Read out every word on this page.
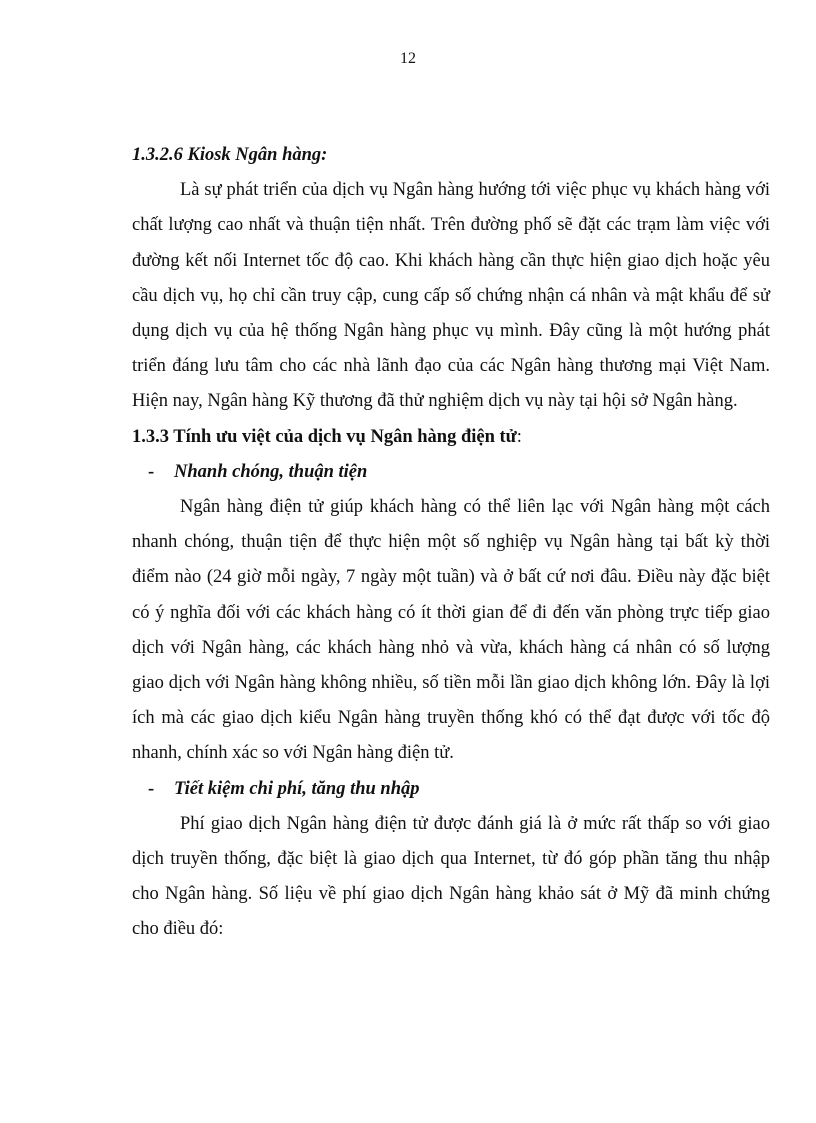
12

1.3.2.6 Kiosk Ngân hàng:

Là sự phát triển của dịch vụ Ngân hàng hướng tới việc phục vụ khách hàng với chất lượng cao nhất và thuận tiện nhất. Trên đường phố sẽ đặt các trạm làm việc với đường kết nối Internet tốc độ cao. Khi khách hàng cần thực hiện giao dịch hoặc yêu cầu dịch vụ, họ chỉ cần truy cập, cung cấp số chứng nhận cá nhân và mật khẩu để sử dụng dịch vụ của hệ thống Ngân hàng phục vụ mình. Đây cũng là một hướng phát triển đáng lưu tâm cho các nhà lãnh đạo của các Ngân hàng thương mại Việt Nam. Hiện nay, Ngân hàng Kỹ thương đã thử nghiệm dịch vụ này tại hội sở Ngân hàng.

1.3.3 Tính ưu việt của dịch vụ Ngân hàng điện tử:

- Nhanh chóng, thuận tiện

Ngân hàng điện tử giúp khách hàng có thể liên lạc với Ngân hàng một cách nhanh chóng, thuận tiện để thực hiện một số nghiệp vụ Ngân hàng tại bất kỳ thời điểm nào (24 giờ mỗi ngày, 7 ngày một tuần) và ở bất cứ nơi đâu. Điều này đặc biệt có ý nghĩa đối với các khách hàng có ít thời gian để đi đến văn phòng trực tiếp giao dịch với Ngân hàng, các khách hàng nhỏ và vừa, khách hàng cá nhân có số lượng giao dịch với Ngân hàng không nhiều, số tiền mỗi lần giao dịch không lớn. Đây là lợi ích mà các giao dịch kiểu Ngân hàng truyền thống khó có thể đạt được với tốc độ nhanh, chính xác so với Ngân hàng điện tử.

- Tiết kiệm chi phí, tăng thu nhập

Phí giao dịch Ngân hàng điện tử được đánh giá là ở mức rất thấp so với giao dịch truyền thống, đặc biệt là giao dịch qua Internet, từ đó góp phần tăng thu nhập cho Ngân hàng. Số liệu về phí giao dịch Ngân hàng khảo sát ở Mỹ đã minh chứng cho điều đó:
